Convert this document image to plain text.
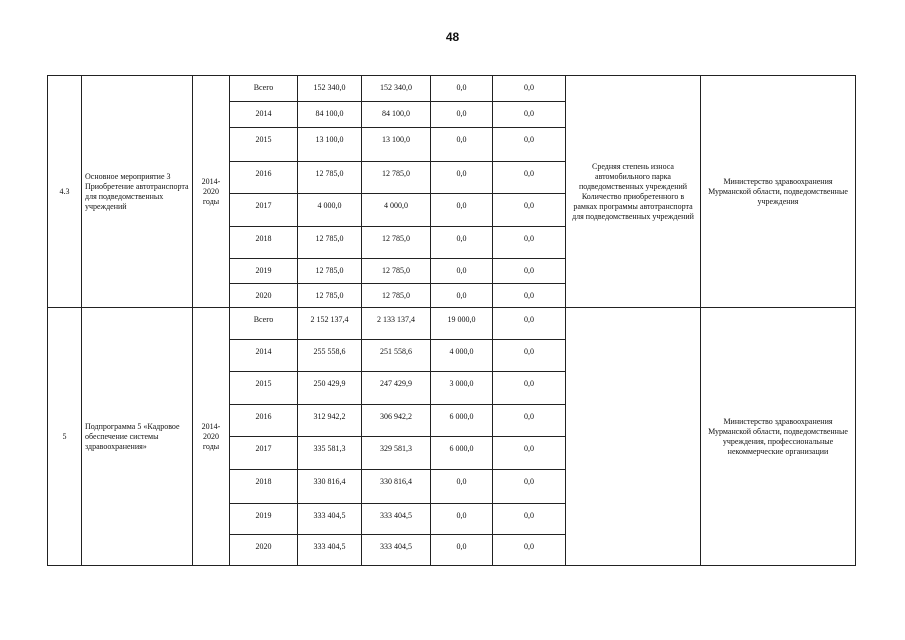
48
4.3	Основное мероприятие 3 Приобретение автотранспорта для подведомственных учреждений	2014-2020 годы	Всего	152 340,0	152 340,0	0,0	0,0	Средняя степень износа автомобильного парка подведомственных учреждений Количество приобретенного в рамках программы автотранспорта для подведомственных учреждений	Министерство здравоохранения Мурманской области, подведомственные учреждения
			2014	84 100,0	84 100,0	0,0	0,0		
			2015	13 100,0	13 100,0	0,0	0,0		
			2016	12 785,0	12 785,0	0,0	0,0		
			2017	4 000,0	4 000,0	0,0	0,0		
			2018	12 785,0	12 785,0	0,0	0,0		
			2019	12 785,0	12 785,0	0,0	0,0		
			2020	12 785,0	12 785,0	0,0	0,0		
5	Подпрограмма 5 «Кадровое обеспечение системы здравоохранения»	2014-2020 годы	Всего	2 152 137,4	2 133 137,4	19 000,0	0,0		Министерство здравоохранения Мурманской области, подведомственные учреждения, профессиональные некоммерческие организации
			2014	255 558,6	251 558,6	4 000,0	0,0		
			2015	250 429,9	247 429,9	3 000,0	0,0		
			2016	312 942,2	306 942,2	6 000,0	0,0		
			2017	335 581,3	329 581,3	6 000,0	0,0		
			2018	330 816,4	330 816,4	0,0	0,0		
			2019	333 404,5	333 404,5	0,0	0,0		
			2020	333 404,5	333 404,5	0,0	0,0		
